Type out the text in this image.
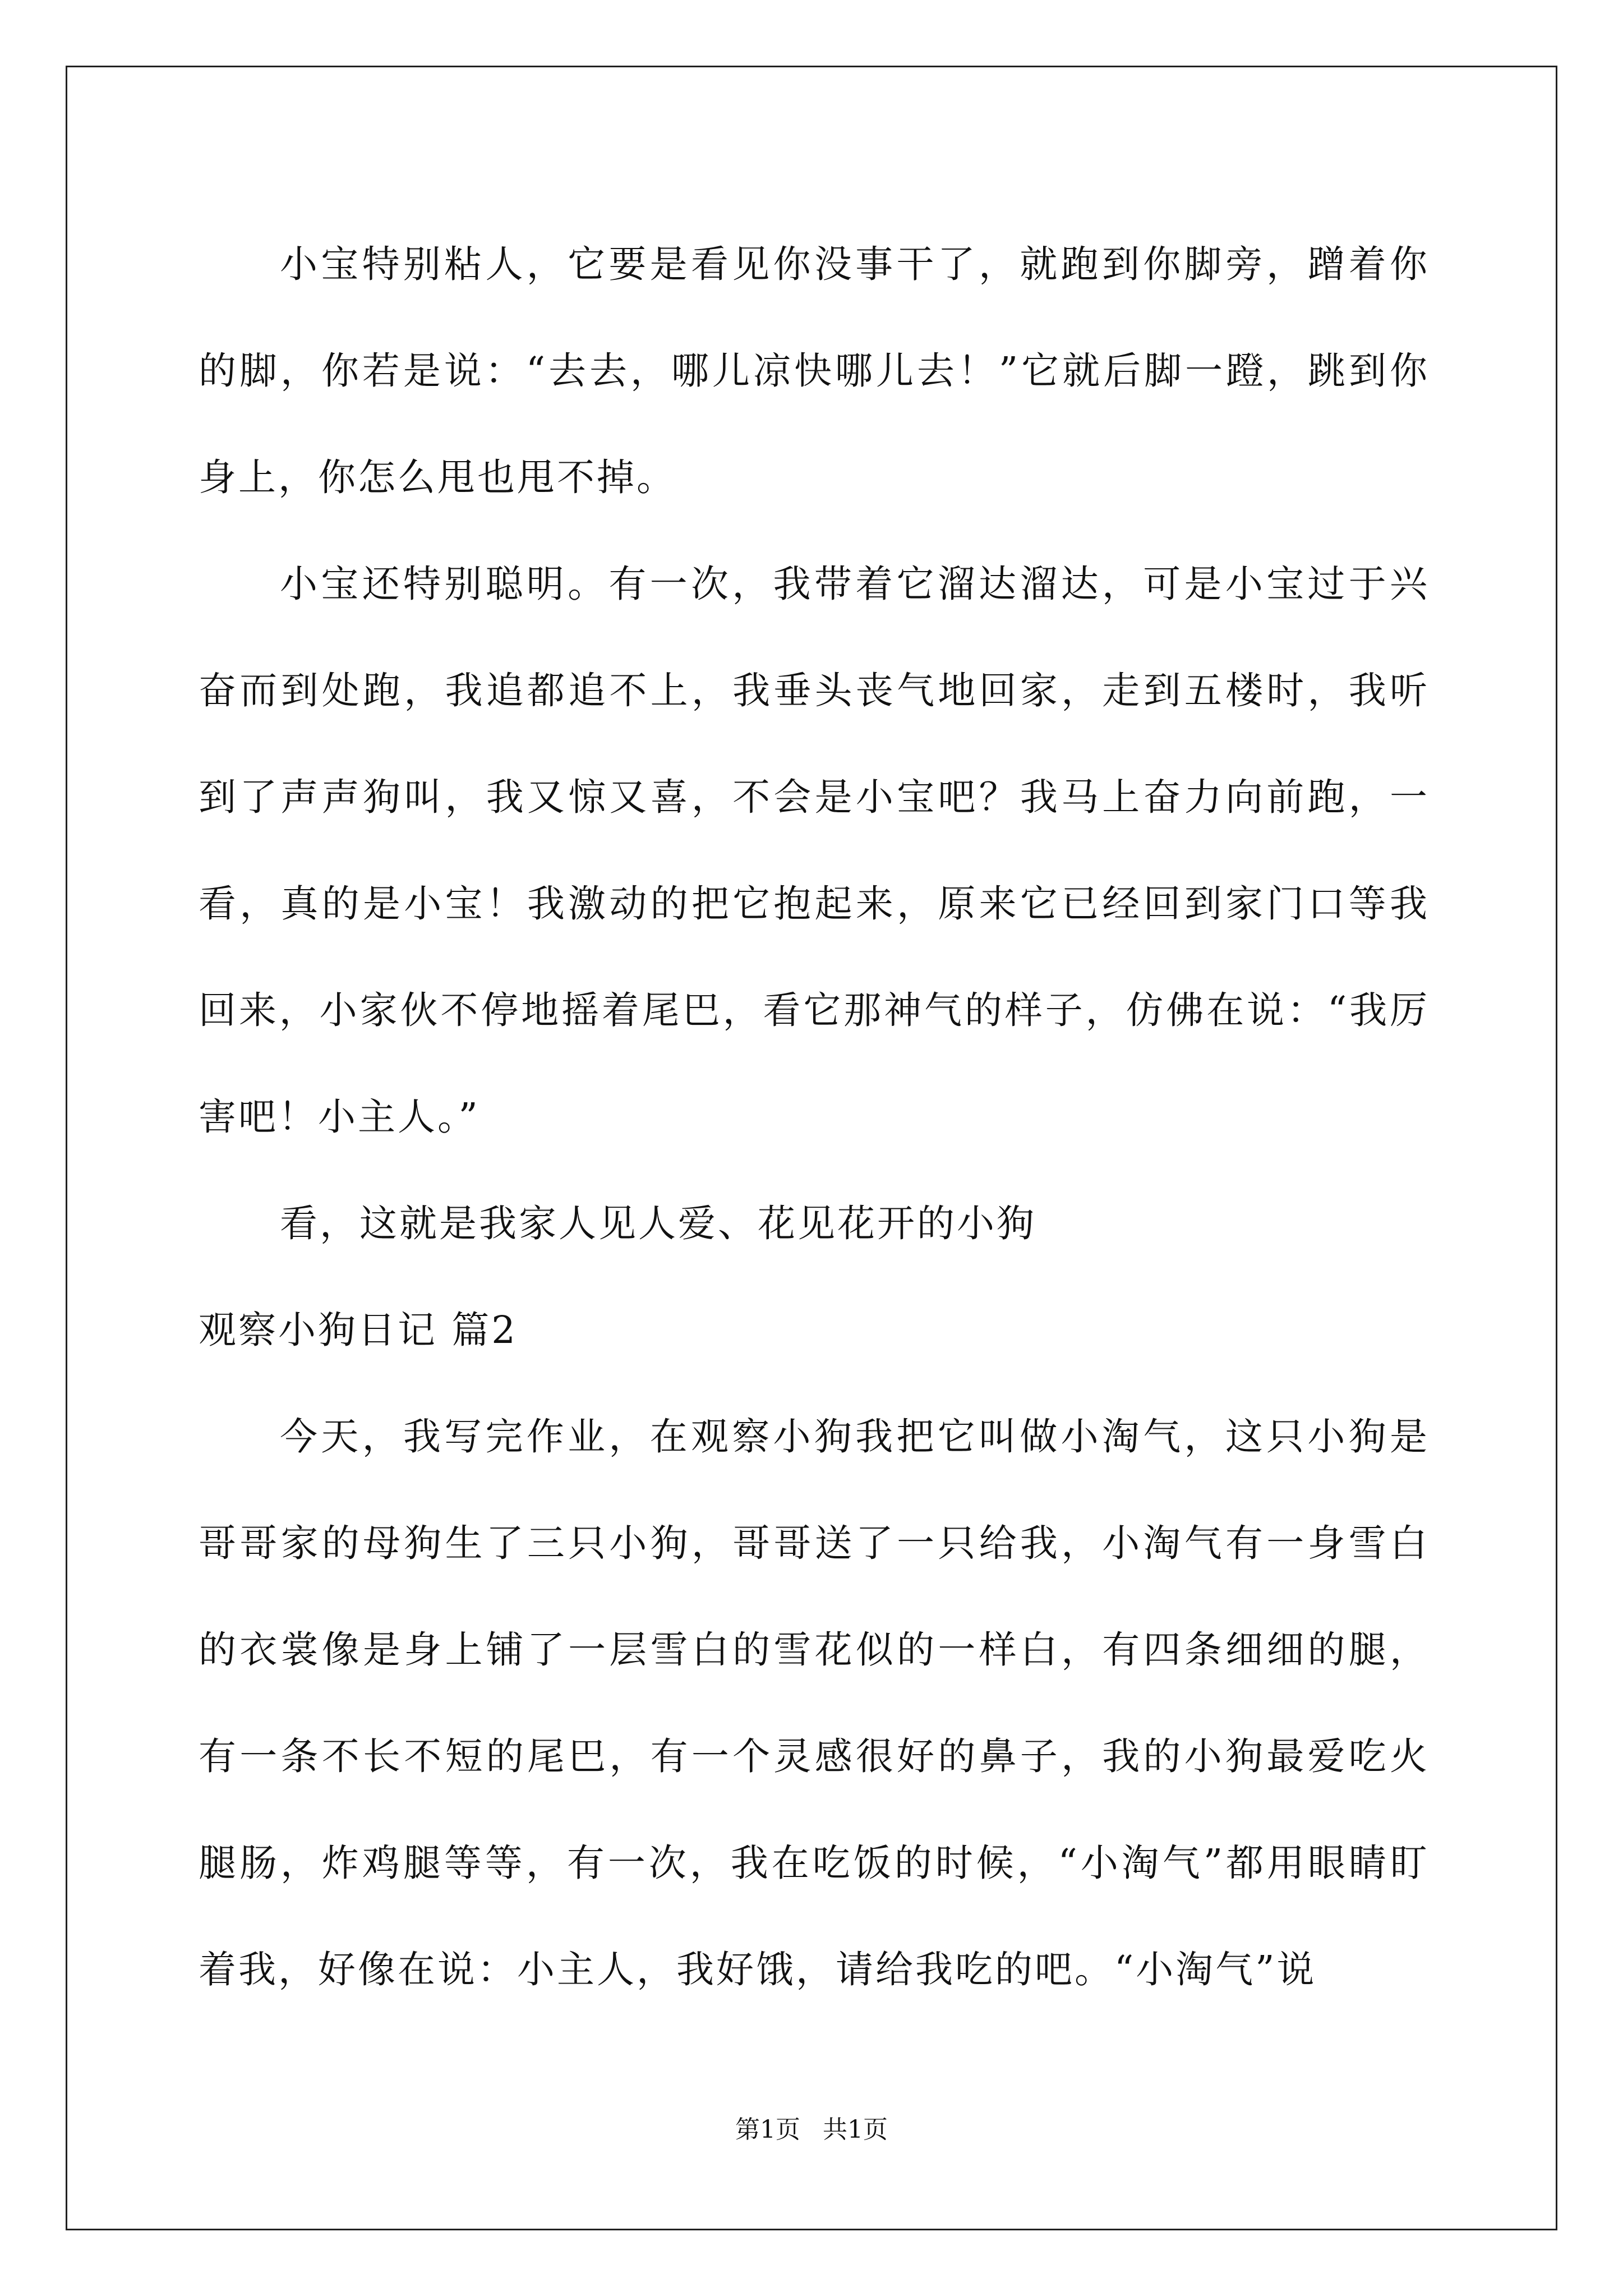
小宝特别粘人，它要是看见你没事干了，就跑到你脚旁，蹭着你的脚，你若是说：“去去，哪儿凉快哪儿去！”它就后脚一蹬，跳到你身上，你怎么甩也甩不掉。

小宝还特别聪明。有一次，我带着它溜达溜达，可是小宝过于兴奋而到处跑，我追都追不上，我垂头丧气地回家，走到五楼时，我听到了声声狗叫，我又惊又喜，不会是小宝吧？我马上奋力向前跑，一看，真的是小宝！我激动的把它抱起来，原来它已经回到家门口等我回来，小家伙不停地摇着尾巴，看它那神气的样子，仿佛在说：“我厉害吧！小主人。”

看，这就是我家人见人爱、花见花开的小狗

观察小狗日记 篇2

今天，我写完作业，在观察小狗我把它叫做小淘气，这只小狗是哥哥家的母狗生了三只小狗，哥哥送了一只给我，小淘气有一身雪白的衣裳像是身上铺了一层雪白的雪花似的一样白，有四条细细的腿，有一条不长不短的尾巴，有一个灵感很好的鼻子，我的小狗最爱吃火腿肠，炸鸡腿等等，有一次，我在吃饭的时候，“小淘气”都用眼睛盯着我，好像在说：小主人，我好饿，请给我吃的吧。“小淘气”说

第1页 共1页
